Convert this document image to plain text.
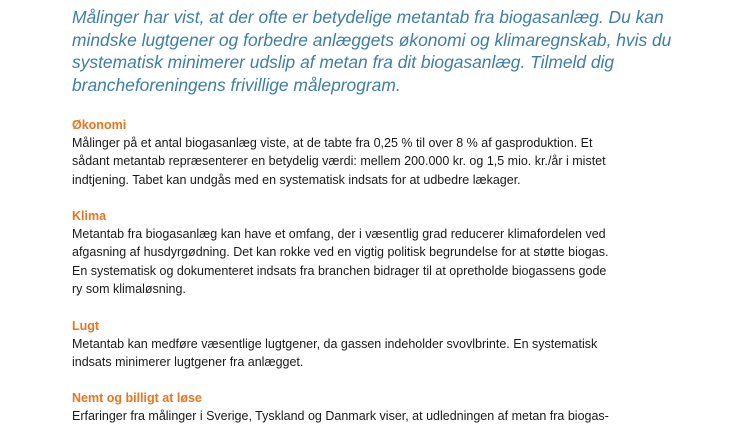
Målinger har vist, at der ofte er betydelige metantab fra biogasanlæg. Du kan mindske lugtgener og forbedre anlæggets økonomi og klimaregnskab, hvis du systematisk minimerer udslip af metan fra dit biogasanlæg. Tilmeld dig brancheforeningens frivillige måleprogram.

Økonomi

Målinger på et antal biogasanlæg viste, at de tabte fra 0,25 % til over 8 % af gasproduktion. Et
sådant metantab repræsenterer en betydelig værdi: mellem 200.000 kr. og 1,5 mio. kr./år i mistet
indtjening. Tabet kan undgås med en systematisk indsats for at udbedre lækager.

Klima

Metantab fra biogasanlæg kan have et omfang, der i væsentlig grad reducerer klimafordelen ved
afgasning af husdyrgødning. Det kan rokke ved en vigtig politisk begrundelse for at støtte biogas.
En systematisk og dokumenteret indsats fra branchen bidrager til at opretholde biogassens gode
ry som klimaløsning.

Lugt

Metantab kan medføre væsentlige lugtgener, da gassen indeholder svovlbrinte. En systematisk
indsats minimerer lugtgener fra anlægget.

Nemt og billigt at løse

Erfaringer fra målinger i Sverige, Tyskland og Danmark viser, at udledningen af metan fra biogas-
